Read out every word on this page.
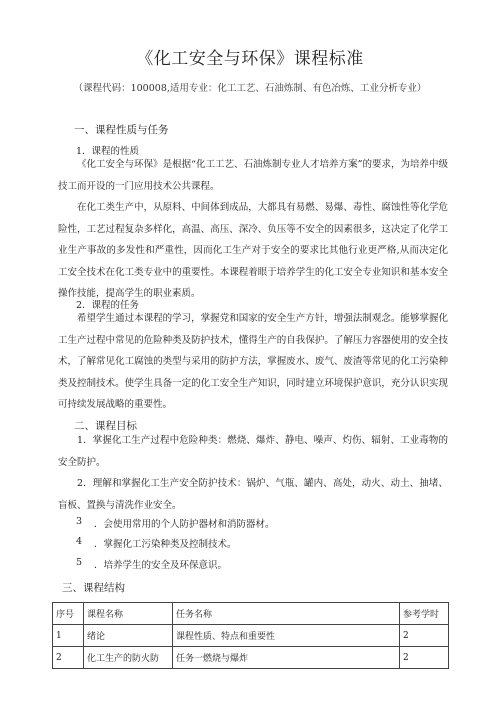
《化工安全与环保》课程标准
（课程代码：100008,适用专业：化工工艺、石油炼制、有色冶炼、工业分析专业）
一、课程性质与任务
1．课程的性质
《化工安全与环保》是根据“化工工艺、石油炼制专业人才培养方案”的要求，为培养中级技工而开设的一门应用技术公共课程。
在化工类生产中，从原料、中间体到成品，大都具有易燃、易爆、毒性、腐蚀性等化学危险性，工艺过程复杂多样化，高温、高压、深冷、负压等不安全的因素很多，这决定了化学工业生产事故的多发性和严重性，因而化工生产对于安全的要求比其他行业更严格,从而决定化工安全技术在化工类专业中的重要性。本课程着眼于培养学生的化工安全专业知识和基本安全操作技能，提高学生的职业素质。
2．课程的任务
希望学生通过本课程的学习，掌握党和国家的安全生产方针，增强法制观念。能够掌握化工生产过程中常见的危险种类及防护技术，懂得生产的自我保护。了解压力容器使用的安全技术，了解常见化工腐蚀的类型与采用的防护方法，掌握废水、废气、废渣等常见的化工污染种类及控制技术。使学生具备一定的化工安全生产知识，同时建立环境保护意识，充分认识实现可持续发展战略的重要性。
二、课程目标
1．掌握化工生产过程中危险种类：燃烧、爆炸、静电、噪声、灼伤、辐射、工业毒物的安全防护。
2．理解和掌握化工生产安全防护技术：锅炉、气瓶、罐内、高处，动火、动土、抽堵、盲板、置换与清洗作业安全。
3 ．会使用常用的个人防护器材和消防器材。
4 ．掌握化工污染种类及控制技术。
5 ．培养学生的安全及环保意识。
三、课程结构
序号	课程名称	任务名称	参考学时
1	绪论	课程性质、特点和重要性	2
2	化工生产的防火防	任务一燃烧与爆炸	2
